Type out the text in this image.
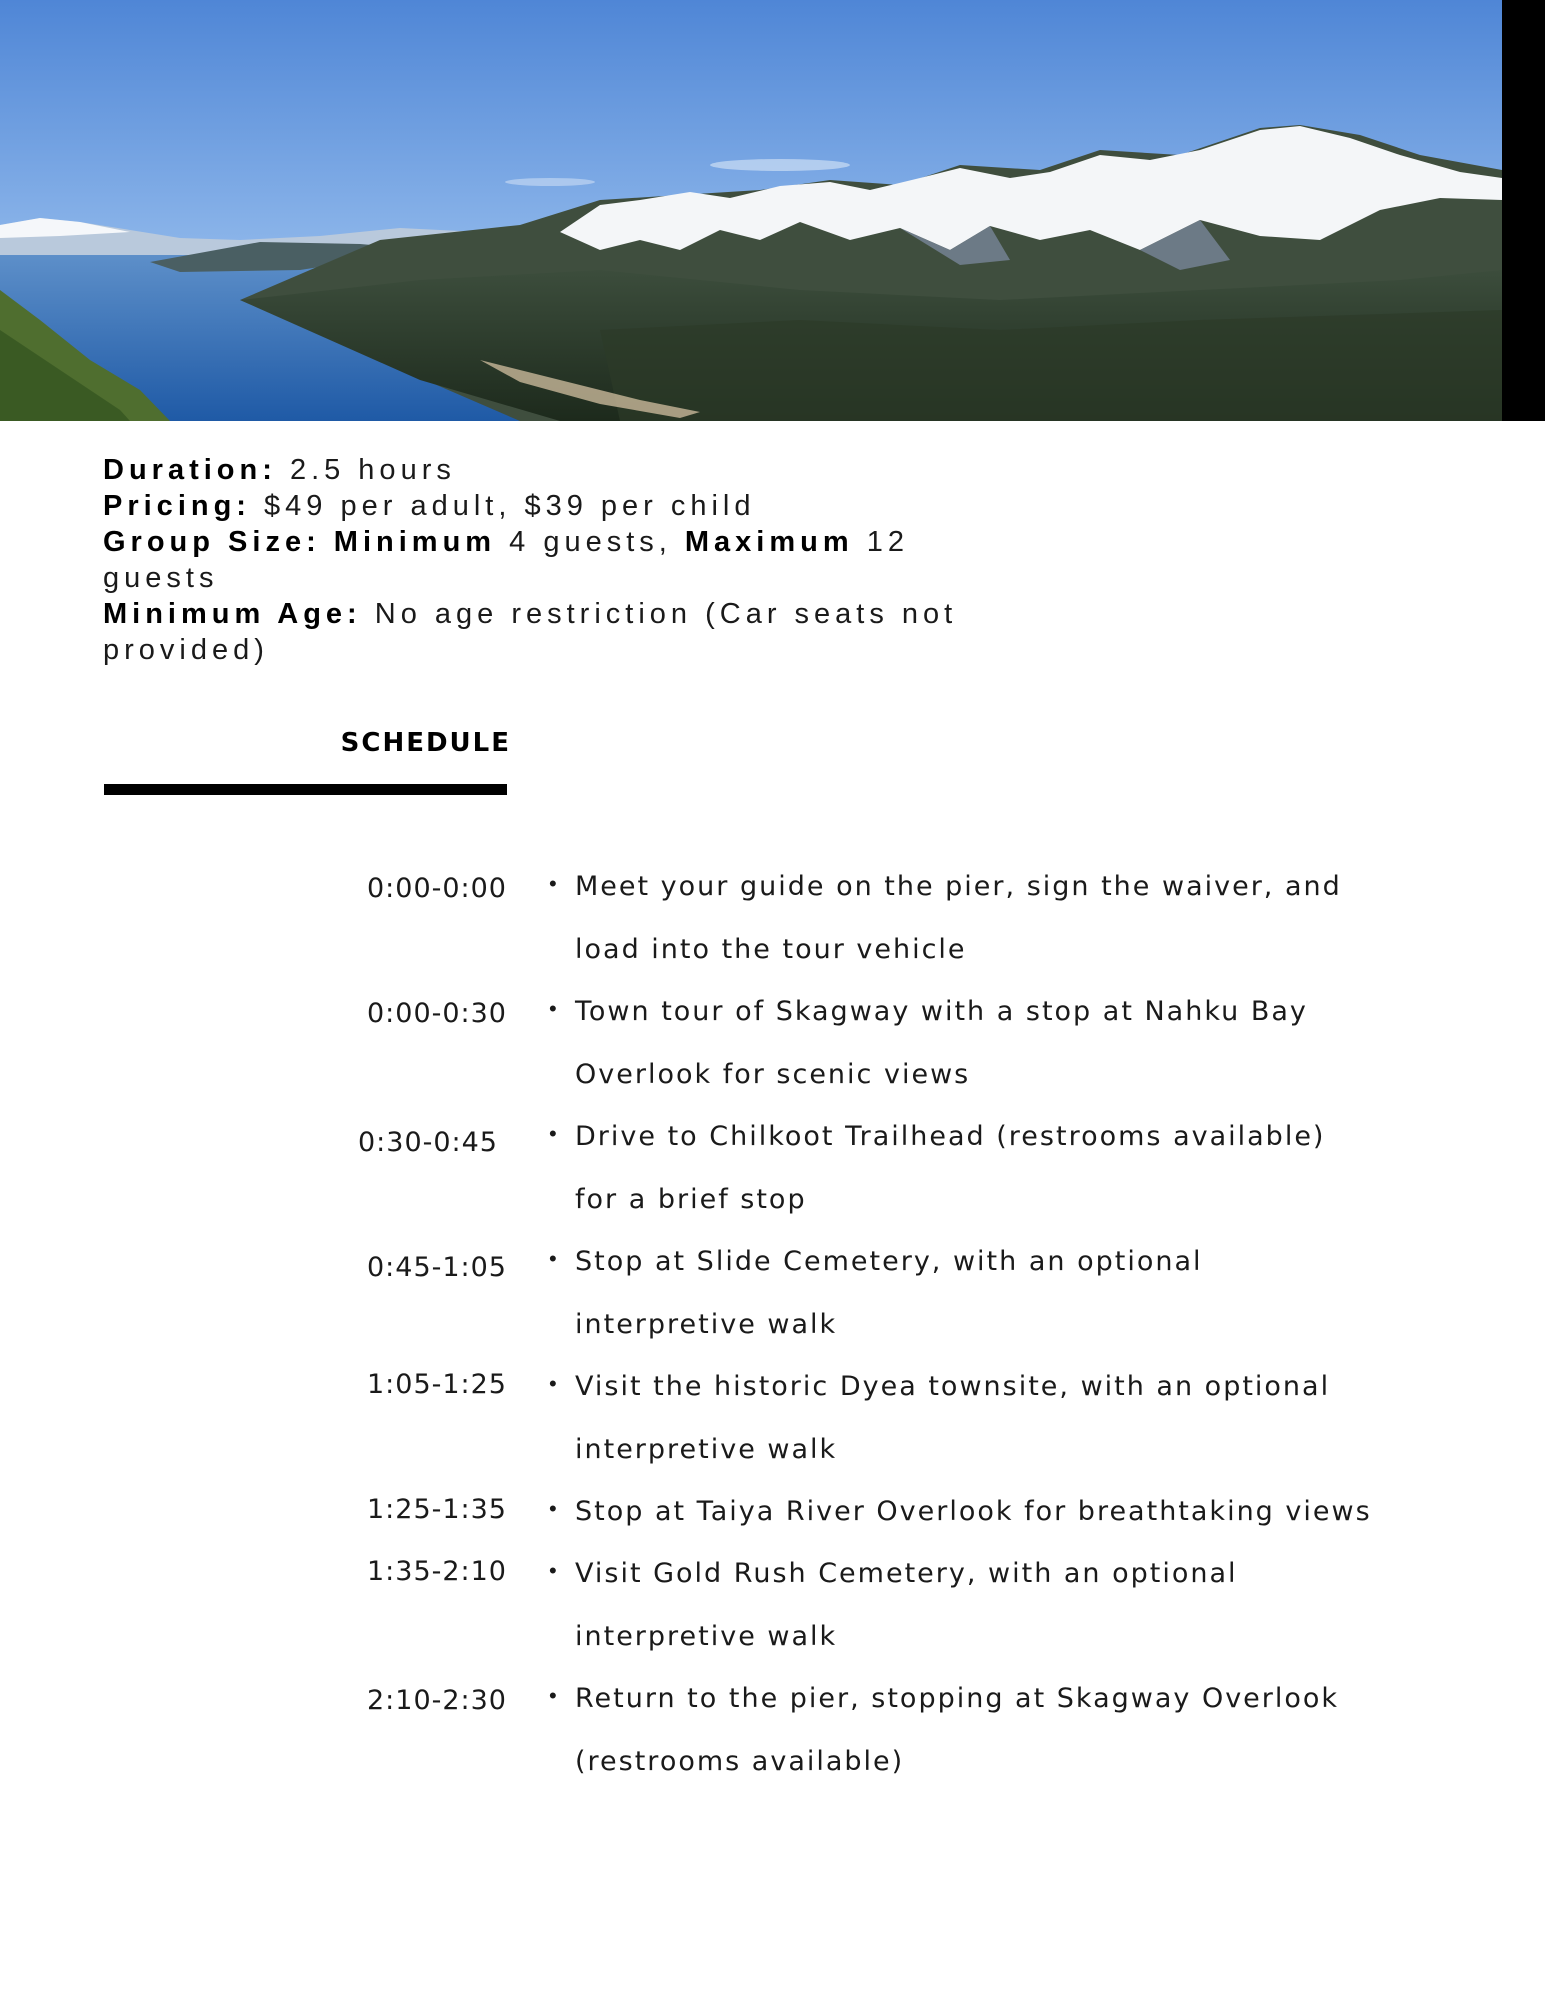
Duration: 2.5 hours

Pricing: $49 per adult, $39 per child

Group Size: Minimum 4 guests, Maximum 12

guests

Minimum Age: No age restriction (Car seats not

provided)

SCHEDULE
0:00-0:00 • Meet your guide on the pier, sign the waiver, and load into the tour vehicle
0:00-0:30 • Town tour of Skagway with a stop at Nahku Bay Overlook for scenic views
0:30-0:45 • Drive to Chilkoot Trailhead (restrooms available) for a brief stop
0:45-1:05 • Stop at Slide Cemetery, with an optional interpretive walk
1:05-1:25 • Visit the historic Dyea townsite, with an optional interpretive walk
1:25-1:35 • Stop at Taiya River Overlook for breathtaking views
1:35-2:10 • Visit Gold Rush Cemetery, with an optional interpretive walk
2:10-2:30 • Return to the pier, stopping at Skagway Overlook (restrooms available)
